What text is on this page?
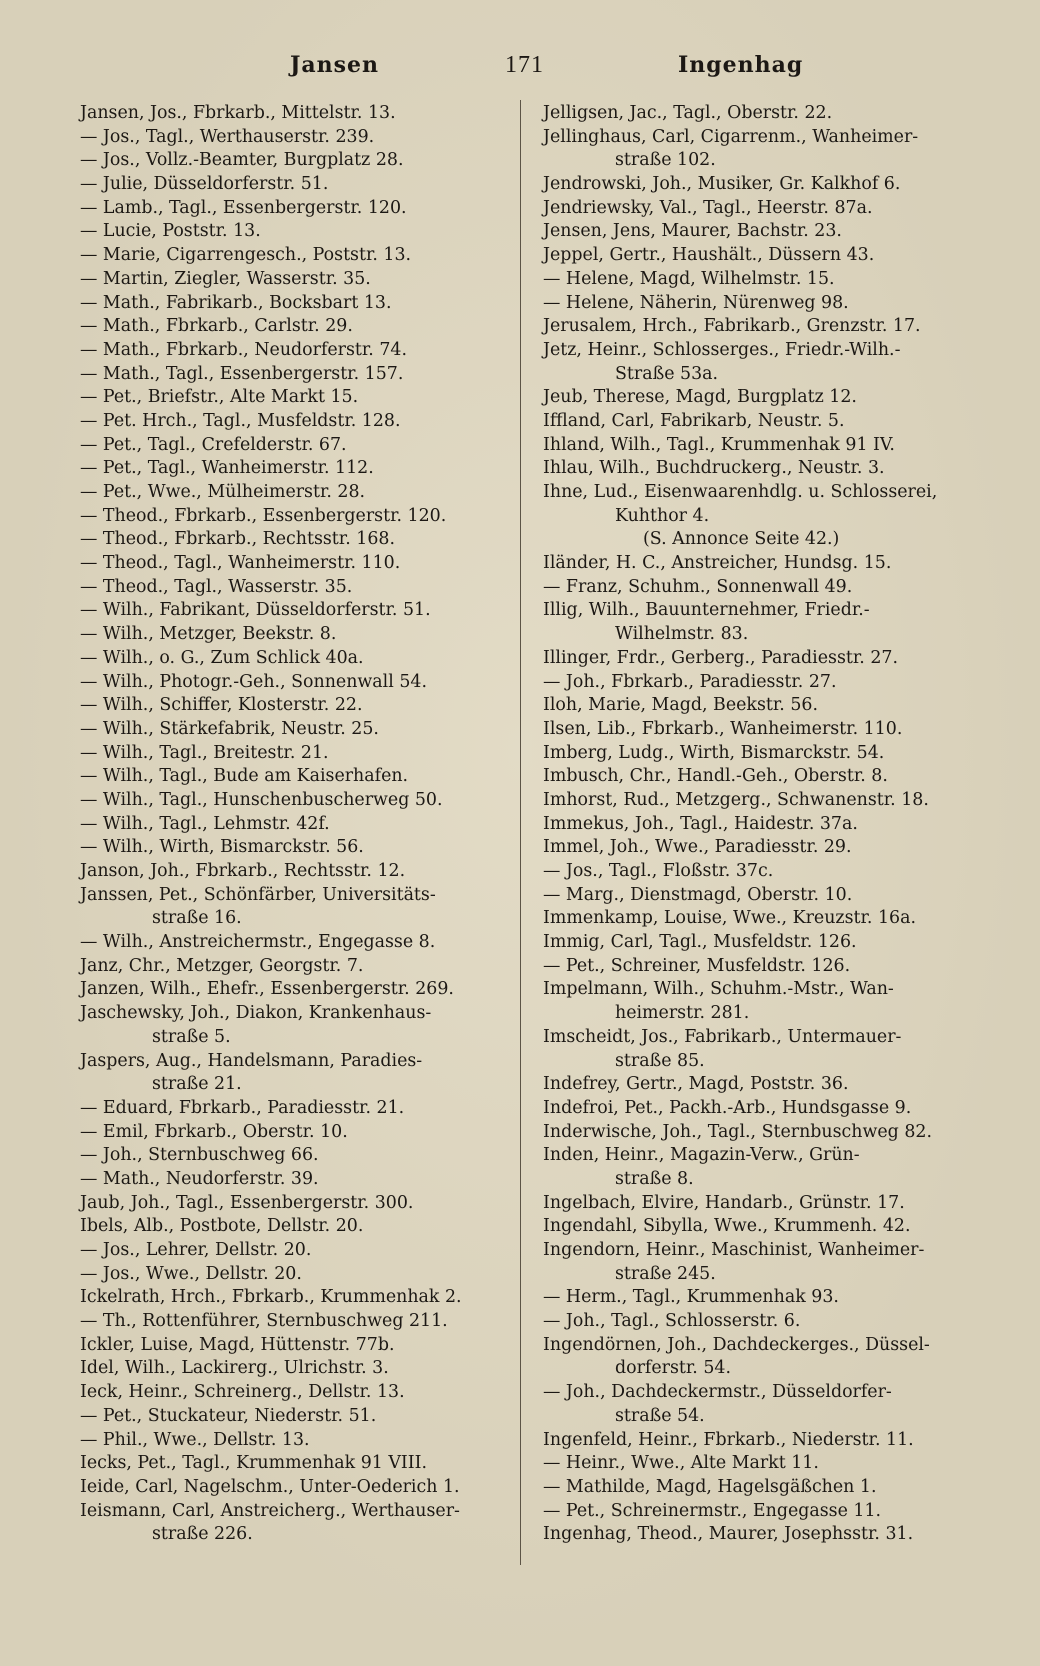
Jansen	171	Ingenhag
Jansen, Jos., Fbrkarb., Mittelstr. 13.
— Jos., Tagl., Werthauserstr. 239.
— Jos., Vollz.-Beamter, Burgplatz 28.
— Julie, Düsseldorferstr. 51.
— Lamb., Tagl., Essenbergerstr. 120.
— Lucie, Poststr. 13.
— Marie, Cigarrengesch., Poststr. 13.
— Martin, Ziegler, Wasserstr. 35.
— Math., Fabrikarb., Bocksbart 13.
— Math., Fbrkarb., Carlstr. 29.
— Math., Fbrkarb., Neudorferstr. 74.
— Math., Tagl., Essenbergerstr. 157.
— Pet., Briefstr., Alte Markt 15.
— Pet. Hrch., Tagl., Musfeldstr. 128.
— Pet., Tagl., Crefelderstr. 67.
— Pet., Tagl., Wanheimerstr. 112.
— Pet., Wwe., Mülheimerstr. 28.
— Theod., Fbrkarb., Essenbergerstr. 120.
— Theod., Fbrkarb., Rechtsstr. 168.
— Theod., Tagl., Wanheimerstr. 110.
— Theod., Tagl., Wasserstr. 35.
— Wilh., Fabrikant, Düsseldorferstr. 51.
— Wilh., Metzger, Beekstr. 8.
— Wilh., o. G., Zum Schlick 40a.
— Wilh., Photogr.-Geh., Sonnenwall 54.
— Wilh., Schiffer, Klosterstr. 22.
— Wilh., Stärkefabrik, Neustr. 25.
— Wilh., Tagl., Breitestr. 21.
— Wilh., Tagl., Bude am Kaiserhafen.
— Wilh., Tagl., Hunschenbuscherweg 50.
— Wilh., Tagl., Lehmstr. 42f.
— Wilh., Wirth, Bismarckstr. 56.
Janson, Joh., Fbrkarb., Rechtsstr. 12.
Janssen, Pet., Schönfärber, Universitäts-
straße 16.
— Wilh., Anstreichermstr., Engegasse 8.
Janz, Chr., Metzger, Georgstr. 7.
Janzen, Wilh., Ehefr., Essenbergerstr. 269.
Jaschewsky, Joh., Diakon, Krankenhaus-
straße 5.
Jaspers, Aug., Handelsmann, Paradies-
straße 21.
— Eduard, Fbrkarb., Paradiesstr. 21.
— Emil, Fbrkarb., Oberstr. 10.
— Joh., Sternbuschweg 66.
— Math., Neudorferstr. 39.
Jaub, Joh., Tagl., Essenbergerstr. 300.
Ibels, Alb., Postbote, Dellstr. 20.
— Jos., Lehrer, Dellstr. 20.
— Jos., Wwe., Dellstr. 20.
Ickelrath, Hrch., Fbrkarb., Krummenhak 2.
— Th., Rottenführer, Sternbuschweg 211.
Ickler, Luise, Magd, Hüttenstr. 77b.
Idel, Wilh., Lackirerg., Ulrichstr. 3.
Ieck, Heinr., Schreinerg., Dellstr. 13.
— Pet., Stuckateur, Niederstr. 51.
— Phil., Wwe., Dellstr. 13.
Iecks, Pet., Tagl., Krummenhak 91 VIII.
Ieide, Carl, Nagelschm., Unter-Oederich 1.
Ieismann, Carl, Anstreicherg., Werthauser-
straße 226.
Jelligsen, Jac., Tagl., Oberstr. 22.
Jellinghaus, Carl, Cigarrenm., Wanheimer-
straße 102.
Jendrowski, Joh., Musiker, Gr. Kalkhof 6.
Jendriewsky, Val., Tagl., Heerstr. 87a.
Jensen, Jens, Maurer, Bachstr. 23.
Jeppel, Gertr., Haushält., Düssern 43.
— Helene, Magd, Wilhelmstr. 15.
— Helene, Näherin, Nürenweg 98.
Jerusalem, Hrch., Fabrikarb., Grenzstr. 17.
Jetz, Heinr., Schlosserges., Friedr.-Wilh.-
Straße 53a.
Jeub, Therese, Magd, Burgplatz 12.
Iffland, Carl, Fabrikarb, Neustr. 5.
Ihland, Wilh., Tagl., Krummenhak 91 IV.
Ihlau, Wilh., Buchdruckerg., Neustr. 3.
Ihne, Lud., Eisenwaarenhdlg. u. Schlosserei,
Kuhthor 4.
(S. Annonce Seite 42.)
Iländer, H. C., Anstreicher, Hundsg. 15.
— Franz, Schuhm., Sonnenwall 49.
Illig, Wilh., Bauunternehmer, Friedr.-
Wilhelmstr. 83.
Illinger, Frdr., Gerberg., Paradiesstr. 27.
— Joh., Fbrkarb., Paradiesstr. 27.
Iloh, Marie, Magd, Beekstr. 56.
Ilsen, Lib., Fbrkarb., Wanheimerstr. 110.
Imberg, Ludg., Wirth, Bismarckstr. 54.
Imbusch, Chr., Handl.-Geh., Oberstr. 8.
Imhorst, Rud., Metzgerg., Schwanenstr. 18.
Immekus, Joh., Tagl., Haidestr. 37a.
Immel, Joh., Wwe., Paradiesstr. 29.
— Jos., Tagl., Floßstr. 37c.
— Marg., Dienstmagd, Oberstr. 10.
Immenkamp, Louise, Wwe., Kreuzstr. 16a.
Immig, Carl, Tagl., Musfeldstr. 126.
— Pet., Schreiner, Musfeldstr. 126.
Impelmann, Wilh., Schuhm.-Mstr., Wan-
heimerstr. 281.
Imscheidt, Jos., Fabrikarb., Untermauer-
straße 85.
Indefrey, Gertr., Magd, Poststr. 36.
Indefroi, Pet., Packh.-Arb., Hundsgasse 9.
Inderwische, Joh., Tagl., Sternbuschweg 82.
Inden, Heinr., Magazin-Verw., Grün-
straße 8.
Ingelbach, Elvire, Handarb., Grünstr. 17.
Ingendahl, Sibylla, Wwe., Krummenh. 42.
Ingendorn, Heinr., Maschinist, Wanheimer-
straße 245.
— Herm., Tagl., Krummenhak 93.
— Joh., Tagl., Schlosserstr. 6.
Ingendörnen, Joh., Dachdeckerges., Düssel-
dorferstr. 54.
— Joh., Dachdeckermstr., Düsseldorfer-
straße 54.
Ingenfeld, Heinr., Fbrkarb., Niederstr. 11.
— Heinr., Wwe., Alte Markt 11.
— Mathilde, Magd, Hagelsgäßchen 1.
— Pet., Schreinermstr., Engegasse 11.
Ingenhag, Theod., Maurer, Josephsstr. 31.
